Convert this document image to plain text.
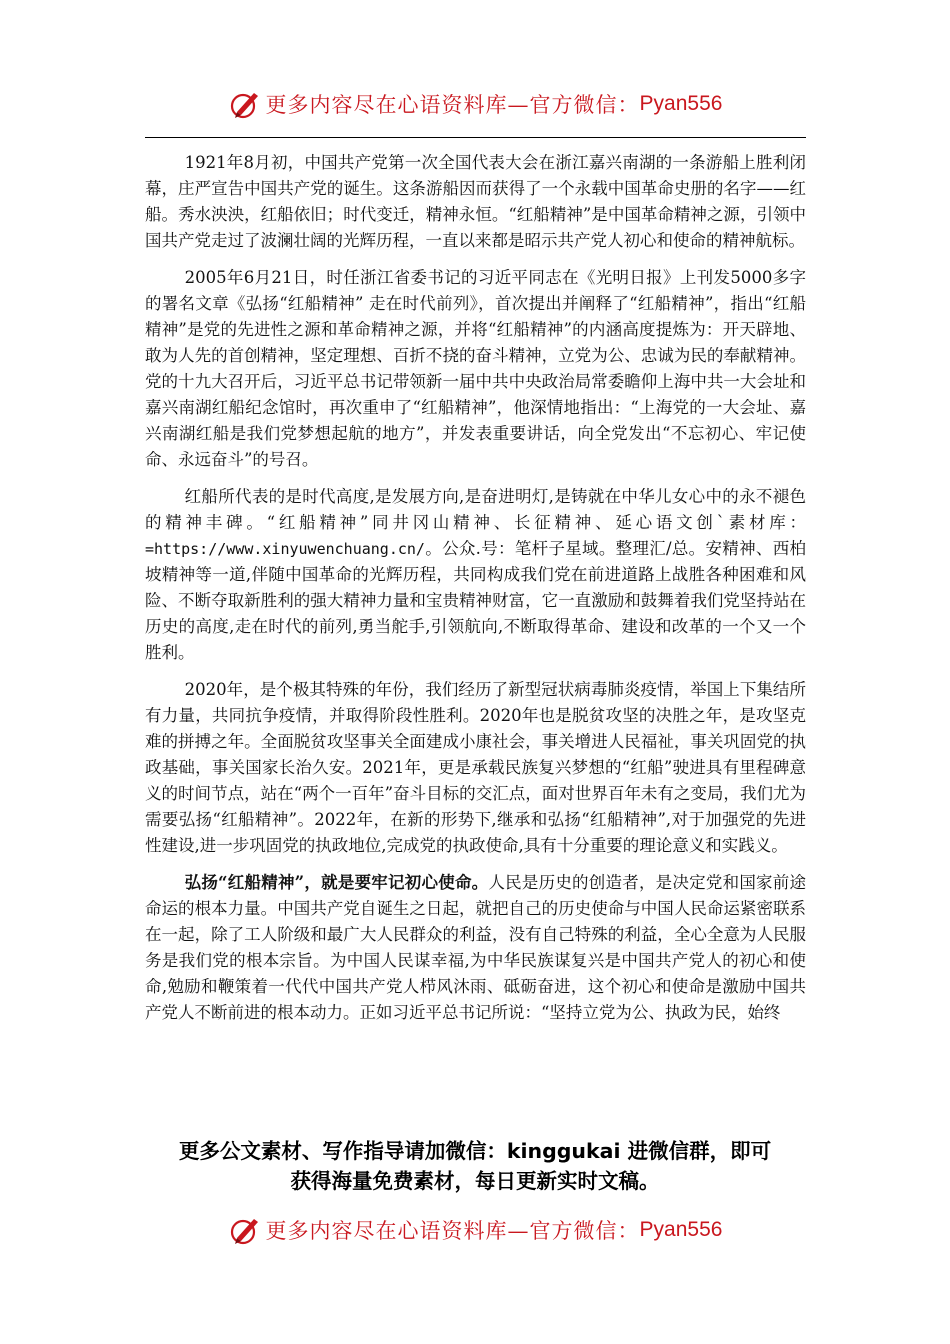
更多内容尽在心语资料库—官方微信： Pyan556

1921年8月初，中国共产党第一次全国代表大会在浙江嘉兴南湖的一条游船上胜利闭幕，庄严宣告中国共产党的诞生。这条游船因而获得了一个永载中国革命史册的名字——红船。秀水泱泱，红船依旧；时代变迁，精神永恒。“红船精神”是中国革命精神之源，引领中国共产党走过了波澜壮阔的光辉历程，一直以来都是昭示共产党人初心和使命的精神航标。

2005年6月21日，时任浙江省委书记的习近平同志在《光明日报》上刊发5000多字的署名文章《弘扬“红船精神” 走在时代前列》，首次提出并阐释了“红船精神”，指出“红船精神”是党的先进性之源和革命精神之源，并将“红船精神”的内涵高度提炼为：开天辟地、敢为人先的首创精神，坚定理想、百折不挠的奋斗精神，立党为公、忠诚为民的奉献精神。党的十九大召开后，习近平总书记带领新一届中共中央政治局常委瞻仰上海中共一大会址和嘉兴南湖红船纪念馆时，再次重申了“红船精神”，他深情地指出：“上海党的一大会址、嘉兴南湖红船是我们党梦想起航的地方”，并发表重要讲话，向全党发出“不忘初心、牢记使命、永远奋斗”的号召。

红船所代表的是时代高度,是发展方向,是奋进明灯,是铸就在中华儿女心中的永不褪色的精神丰碑。“红船精神”同井冈山精神、长征精神、延心语文创`素材库：=https://www.xinyuwenchuang.cn/。公众.号：笔杆子星域。整理汇/总。安精神、西柏坡精神等一道,伴随中国革命的光辉历程，共同构成我们党在前进道路上战胜各种困难和风险、不断夺取新胜利的强大精神力量和宝贵精神财富，它一直激励和鼓舞着我们党坚持站在历史的高度,走在时代的前列,勇当舵手,引领航向,不断取得革命、建设和改革的一个又一个胜利。

2020年，是个极其特殊的年份，我们经历了新型冠状病毒肺炎疫情，举国上下集结所有力量，共同抗争疫情，并取得阶段性胜利。2020年也是脱贫攻坚的决胜之年，是攻坚克难的拼搏之年。全面脱贫攻坚事关全面建成小康社会，事关增进人民福祉，事关巩固党的执政基础，事关国家长治久安。2021年，更是承载民族复兴梦想的“红船”驶进具有里程碑意义的时间节点，站在“两个一百年”奋斗目标的交汇点，面对世界百年未有之变局，我们尤为需要弘扬“红船精神”。2022年，在新的形势下,继承和弘扬“红船精神”,对于加强党的先进性建设,进一步巩固党的执政地位,完成党的执政使命,具有十分重要的理论意义和实践义。

弘扬“红船精神”，就是要牢记初心使命。人民是历史的创造者，是决定党和国家前途命运的根本力量。中国共产党自诞生之日起，就把自己的历史使命与中国人民命运紧密联系在一起，除了工人阶级和最广大人民群众的利益，没有自己特殊的利益，全心全意为人民服务是我们党的根本宗旨。为中国人民谋幸福,为中华民族谋复兴是中国共产党人的初心和使命,勉励和鞭策着一代代中国共产党人栉风沐雨、砥砺奋进，这个初心和使命是激励中国共产党人不断前进的根本动力。正如习近平总书记所说：“坚持立党为公、执政为民，始终

更多公文素材、写作指导请加微信：kinggukai 进微信群，即可
获得海量免费素材，每日更新实时文稿。
更多内容尽在心语资料库—官方微信： Pyan556
